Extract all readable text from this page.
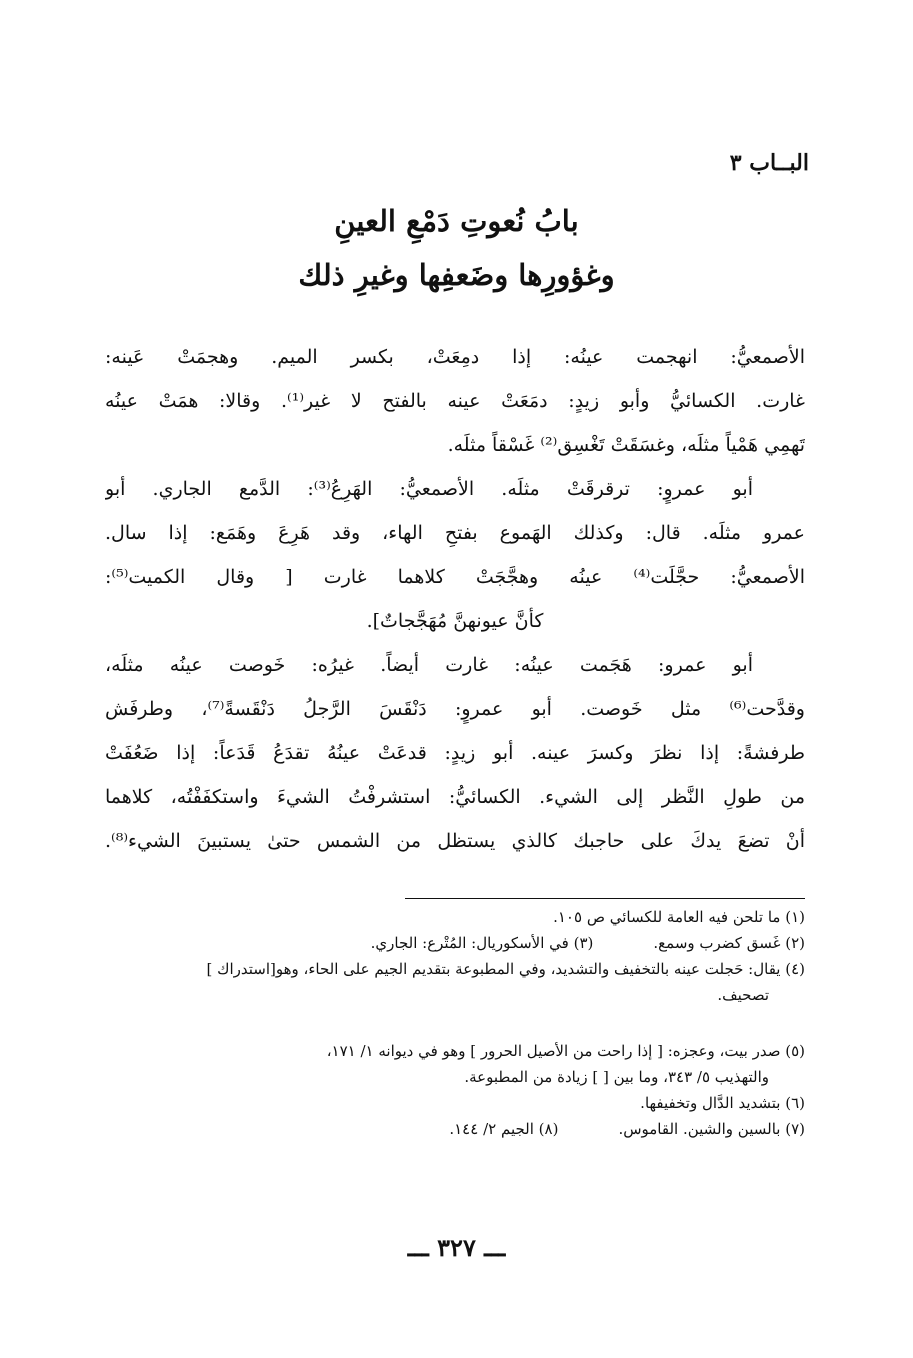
البــاب ٣
بابُ نُعوتِ دَمْعِ العينِ
وغؤورِها وضَعفِها وغيرِ ذلك
الأصمعيُّ: انهجمت عينُه: إذا دمِعَتْ، بكسر الميم. وهجمَتْ عَينه:
غارت. الكسائيُّ وأبو زيدٍ: دمَعَتْ عينه بالفتح لا غير⁽¹⁾. وقالا: همَتْ عينُه
تَهمِي هَمْياً مثلَه، وغسَقَتْ تَغْسِق⁽²⁾ غَسْقاً مثلَه.
أبو عمروٍ: ترقرقَتْ مثلَه. الأصمعيُّ: الهَرِعُ⁽³⁾: الدَّمع الجاري. أبو
عمرو مثلَه. قال: وكذلك الهَموع بفتحِ الهاء، وقد هَرِعَ وهَمَع: إذا سال.
الأصمعيُّ: حجَّلَت⁽⁴⁾ عينُه وهجَّجَتْ كلاهما غارت [ وقال الكميت⁽⁵⁾:
كأنَّ عيونهنَّ مُهَجَّجاتٌ].
أبو عمرو: هَجَمت عينُه: غارت أيضاً. غيرُه: خَوصت عينُه مثلَه،
وقدَّحت⁽⁶⁾ مثل خَوصت. أبو عمروٍ: دَنْقَسَ الرَّجلُ دَنْقَسةً⁽⁷⁾، وطرفَش
طرفشةً: إذا نظرَ وكسرَ عينه. أبو زيدٍ: قدعَتْ عينُهُ تقدَعُ قَدَعاً: إذا ضَعُفَتْ
من طولِ النَّظر إلى الشيء. الكسائيُّ: استشرفْتُ الشيءَ واستكفَفْتُه، كلاهما
أنْ تضعَ يدكَ على حاجبك كالذي يستظل من الشمس حتىٰ يستبينَ الشيء⁽⁸⁾.
(١) ما تلحن فيه العامة للكسائي ص ١٠٥.
(٢) غَسق كضرب وسمع.
(٣) في الأسكوريال: المُتْرع: الجاري.
(٤) يقال: حَجلت عينه بالتخفيف والتشديد، وفي المطبوعة بتقديم الجيم على الحاء، وهو[استدراك ]
تصحيف.
(٥) صدر بيت، وعجزه: [ إذا راحت من الأصيل الحرور ] وهو في ديوانه ١/ ١٧١،
والتهذيب ٥/ ٣٤٣، وما بين [ ] زيادة من المطبوعة.
(٦) بتشديد الدَّال وتخفيفها.
(٧) بالسين والشين. القاموس.
(٨) الجيم ٢/ ١٤٤.
ـــ ٣٢٧ ـــ
